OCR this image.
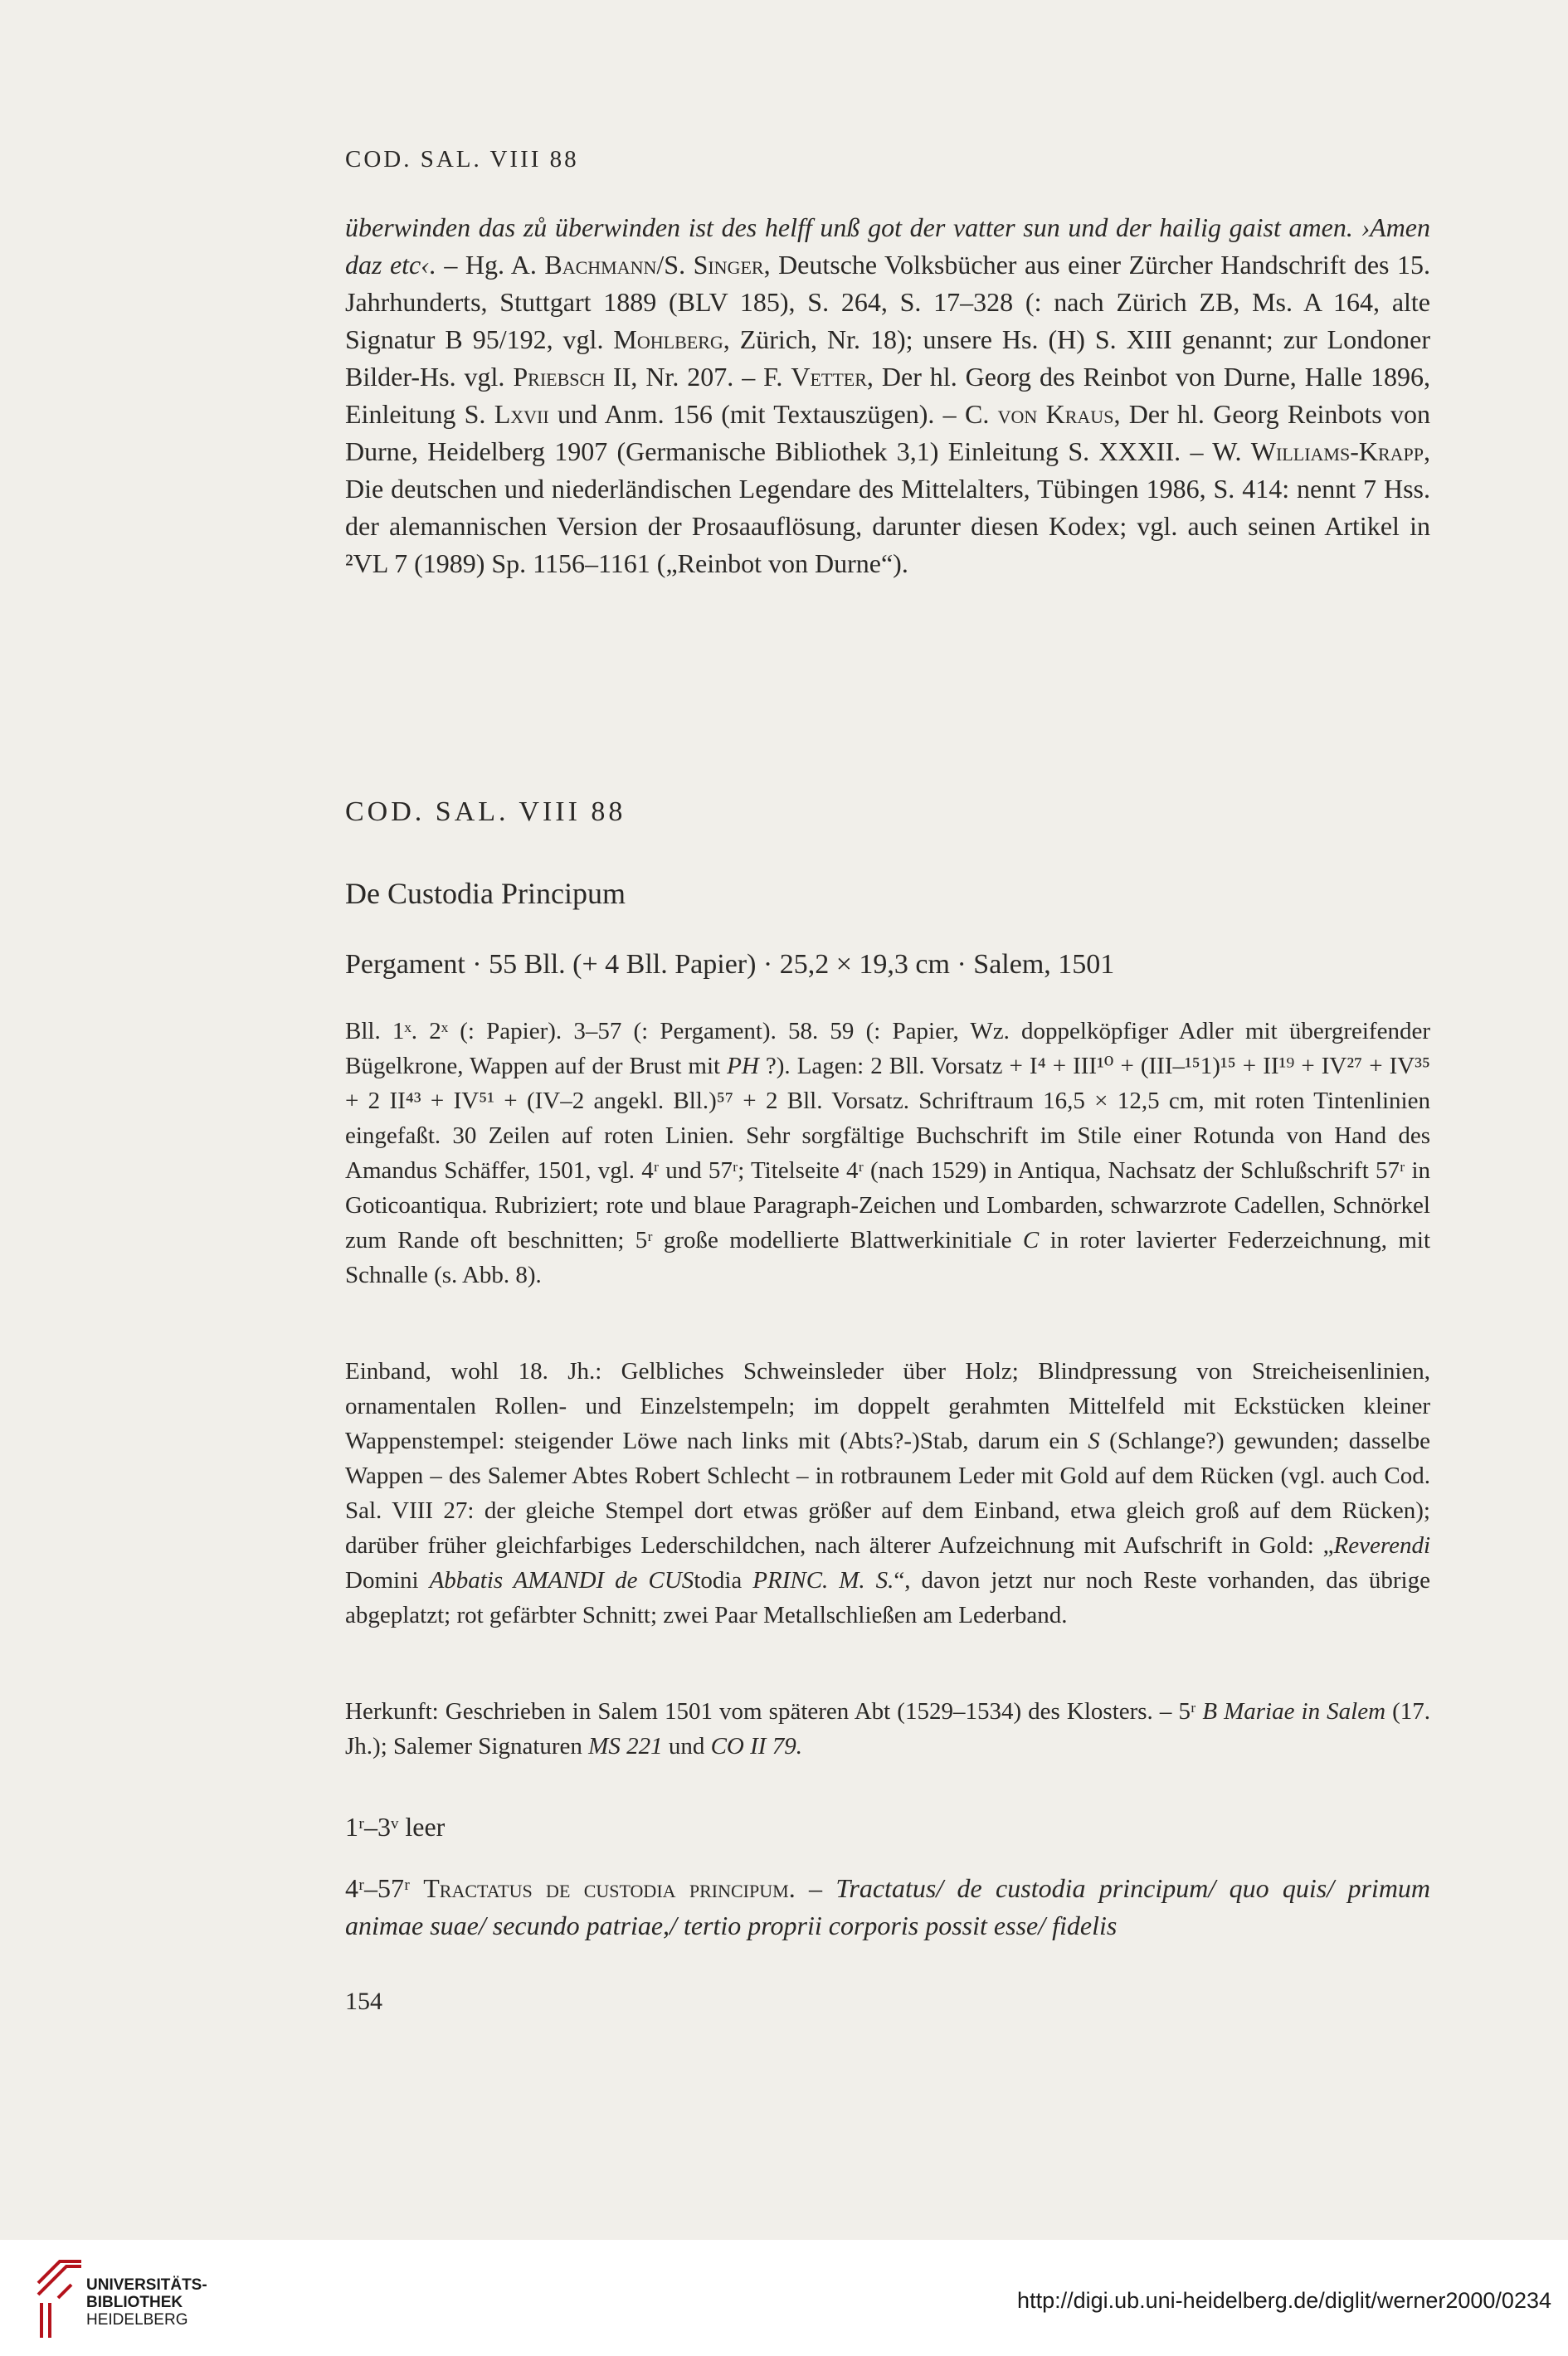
COD. SAL. VIII 88

überwinden das zů überwinden ist des helff unß got der vatter sun und der hailig gaist amen. ›Amen daz etc‹. – Hg. A. Bachmann/S. Singer, Deutsche Volksbücher aus einer Zürcher Handschrift des 15. Jahrhunderts, Stuttgart 1889 (BLV 185), S. 264, S. 17–328 (: nach Zürich ZB, Ms. A 164, alte Signatur B 95/192, vgl. Mohlberg, Zürich, Nr. 18); unsere Hs. (H) S. XIII genannt; zur Londoner Bilder-Hs. vgl. Priebsch II, Nr. 207. – F. Vetter, Der hl. Georg des Reinbot von Durne, Halle 1896, Einleitung S. Lxvii und Anm. 156 (mit Textauszügen). – C. von Kraus, Der hl. Georg Reinbots von Durne, Heidelberg 1907 (Germanische Bibliothek 3,1) Einleitung S. XXXII. – W. Williams-Krapp, Die deutschen und niederländischen Legendare des Mittelalters, Tübingen 1986, S. 414: nennt 7 Hss. der alemannischen Version der Prosaauflösung, darunter diesen Kodex; vgl. auch seinen Artikel in ²VL 7 (1989) Sp. 1156–1161 („Reinbot von Durne“).

COD. SAL. VIII 88
De Custodia Principum
Pergament · 55 Bll. (+ 4 Bll. Papier) · 25,2 × 19,3 cm · Salem, 1501

Bll. 1ˣ. 2ˣ (: Papier). 3–57 (: Pergament). 58. 59 (: Papier, Wz. doppelköpfiger Adler mit übergreifender Bügelkrone, Wappen auf der Brust mit PH ?). Lagen: 2 Bll. Vorsatz + I⁴ + III¹⁰ + (III–¹⁵1)¹⁵ + II¹⁹ + IV²⁷ + IV³⁵ + 2 II⁴³ + IV⁵¹ + (IV–2 angekl. Bll.)⁵⁷ + 2 Bll. Vorsatz. Schriftraum 16,5 × 12,5 cm, mit roten Tintenlinien eingefaßt. 30 Zeilen auf roten Linien. Sehr sorgfältige Buchschrift im Stile einer Rotunda von Hand des Amandus Schäffer, 1501, vgl. 4ʳ und 57ʳ; Titelseite 4ʳ (nach 1529) in Antiqua, Nachsatz der Schlußschrift 57ʳ in Goticoantiqua. Rubriziert; rote und blaue Paragraph-Zeichen und Lombarden, schwarzrote Cadellen, Schnörkel zum Rande oft beschnitten; 5ʳ große modellierte Blattwerkinitiale C in roter lavierter Federzeichnung, mit Schnalle (s. Abb. 8).

Einband, wohl 18. Jh.: Gelbliches Schweinsleder über Holz; Blindpressung von Streicheisenlinien, ornamentalen Rollen- und Einzelstempeln; im doppelt gerahmten Mittelfeld mit Eckstücken kleiner Wappenstempel: steigender Löwe nach links mit (Abts?-)Stab, darum ein S (Schlange?) gewunden; dasselbe Wappen – des Salemer Abtes Robert Schlecht – in rotbraunem Leder mit Gold auf dem Rücken (vgl. auch Cod. Sal. VIII 27: der gleiche Stempel dort etwas größer auf dem Einband, etwa gleich groß auf dem Rücken); darüber früher gleichfarbiges Lederschildchen, nach älterer Aufzeichnung mit Aufschrift in Gold: „Reverendi Domini Abbatis AMANDI de CUStodia PRINC. M. S.“, davon jetzt nur noch Reste vorhanden, das übrige abgeplatzt; rot gefärbter Schnitt; zwei Paar Metallschließen am Lederband.

Herkunft: Geschrieben in Salem 1501 vom späteren Abt (1529–1534) des Klosters. – 5ʳ B Mariae in Salem (17. Jh.); Salemer Signaturen MS 221 und CO II 79.

1ʳ–3ᵛ leer

4ʳ–57ʳ Tractatus de custodia principum. – Tractatus/ de custodia principum/ quo quis/ primum animae suae/ secundo patriae,/ tertio proprii corporis possit esse/ fidelis

154
UNIVERSITÄTS-
BIBLIOTHEK
HEIDELBERG
http://digi.ub.uni-heidelberg.de/diglit/werner2000/0234
